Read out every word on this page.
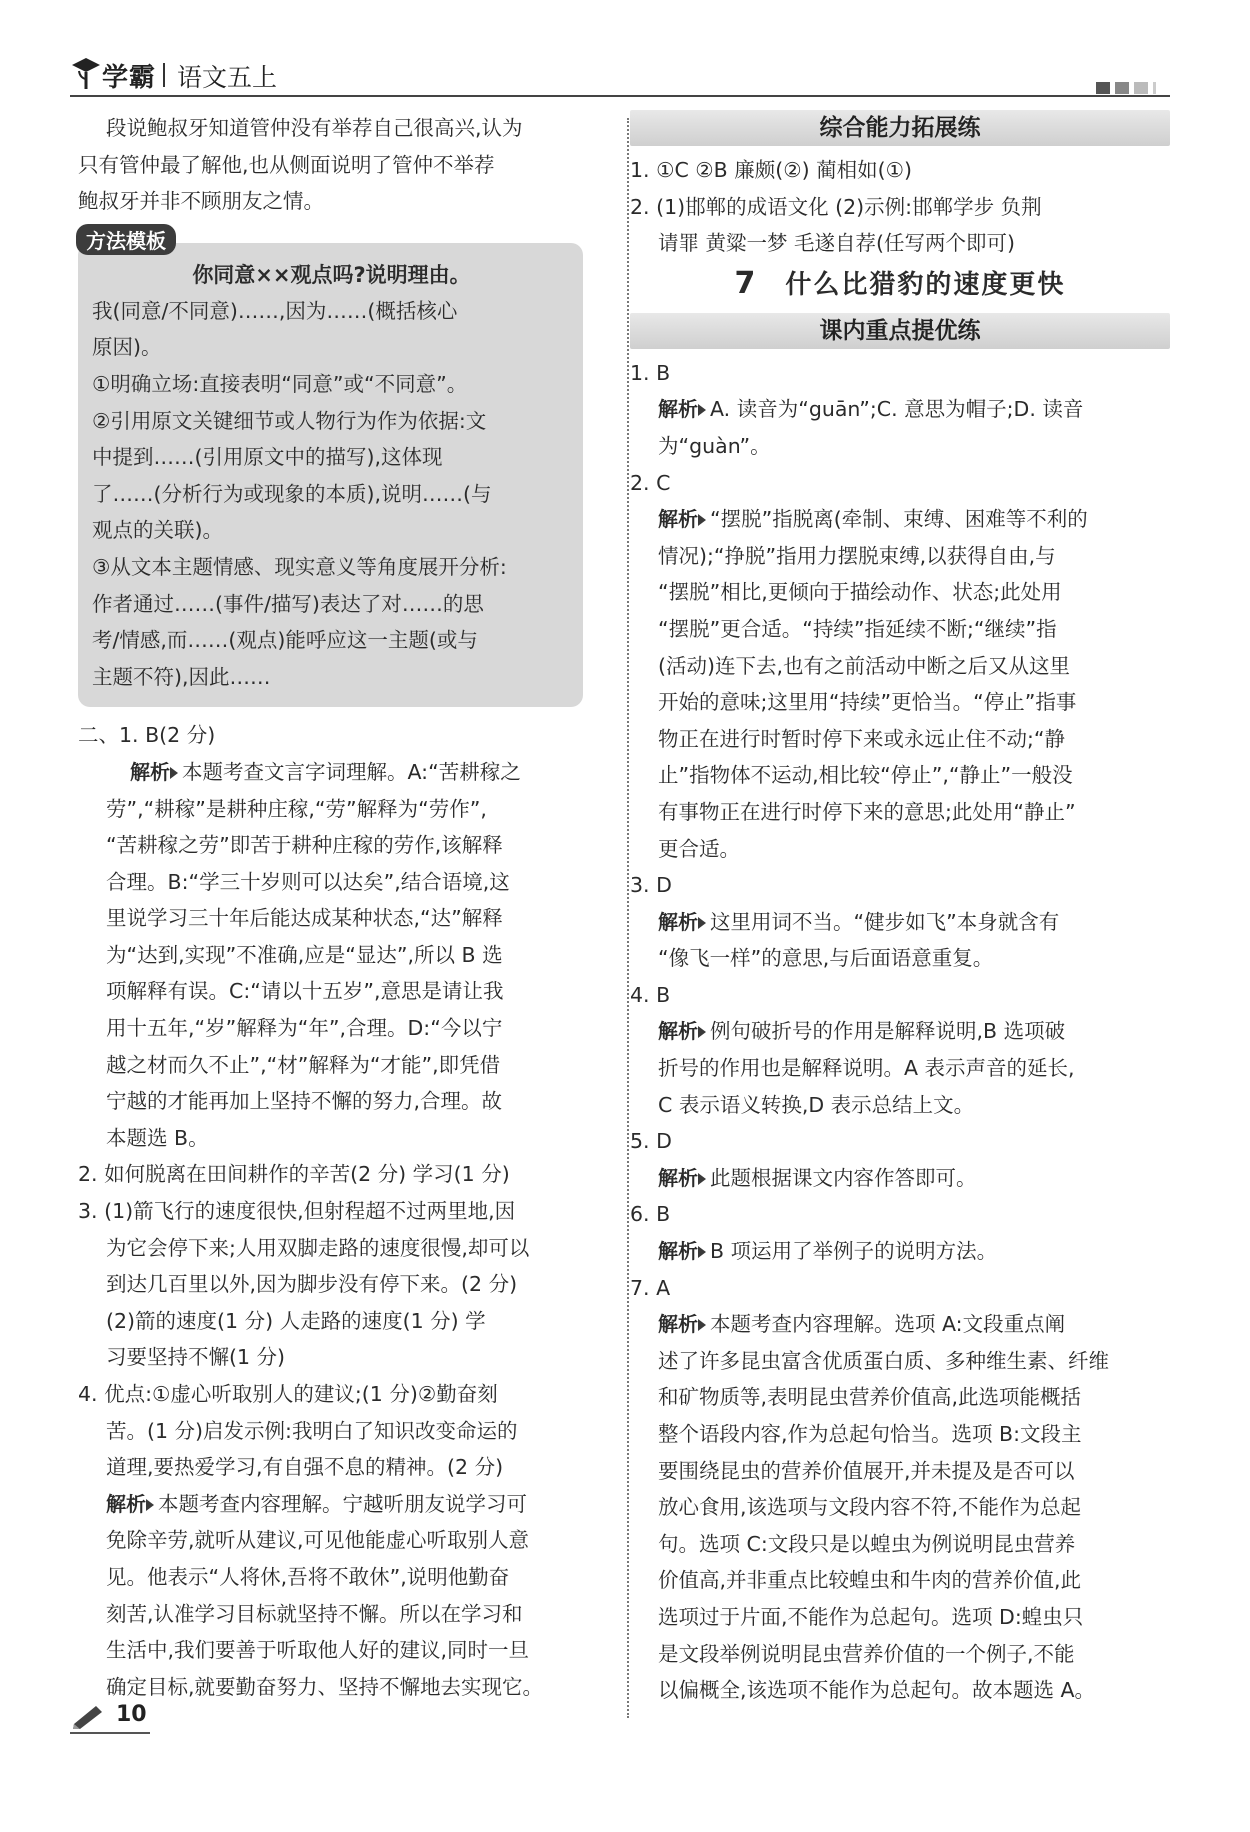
学霸 语文五上

段说鲍叔牙知道管仲没有举荐自己很高兴,认为

只有管仲最了解他,也从侧面说明了管仲不举荐

鲍叔牙并非不顾朋友之情。

方法模板
你同意××观点吗?说明理由。

我(同意/不同意)……,因为……(概括核心

原因)。

①明确立场:直接表明“同意”或“不同意”。

②引用原文关键细节或人物行为作为依据:文

中提到……(引用原文中的描写),这体现

了……(分析行为或现象的本质),说明……(与

观点的关联)。

③从文本主题情感、现实意义等角度展开分析:

作者通过……(事件/描写)表达了对……的思

考/情感,而……(观点)能呼应这一主题(或与

主题不符),因此……

二、1. B(2 分)

解析 本题考查文言字词理解。A:“苦耕稼之

劳”,“耕稼”是耕种庄稼,“劳”解释为“劳作”,

“苦耕稼之劳”即苦于耕种庄稼的劳作,该解释

合理。B:“学三十岁则可以达矣”,结合语境,这

里说学习三十年后能达成某种状态,“达”解释

为“达到,实现”不准确,应是“显达”,所以 B 选

项解释有误。C:“请以十五岁”,意思是请让我

用十五年,“岁”解释为“年”,合理。D:“今以宁

越之材而久不止”,“材”解释为“才能”,即凭借

宁越的才能再加上坚持不懈的努力,合理。故

本题选 B。

2. 如何脱离在田间耕作的辛苦(2 分) 学习(1 分)

3. (1)箭飞行的速度很快,但射程超不过两里地,因

为它会停下来;人用双脚走路的速度很慢,却可以

到达几百里以外,因为脚步没有停下来。(2 分)

(2)箭的速度(1 分) 人走路的速度(1 分) 学

习要坚持不懈(1 分)

4. 优点:①虚心听取别人的建议;(1 分)②勤奋刻

苦。(1 分)启发示例:我明白了知识改变命运的

道理,要热爱学习,有自强不息的精神。(2 分)

解析 本题考查内容理解。宁越听朋友说学习可

免除辛劳,就听从建议,可见他能虚心听取别人意

见。他表示“人将休,吾将不敢休”,说明他勤奋

刻苦,认准学习目标就坚持不懈。所以在学习和

生活中,我们要善于听取他人好的建议,同时一旦

确定目标,就要勤奋努力、坚持不懈地去实现它。

综合能力拓展练

1. ①C ②B 廉颇(②) 蔺相如(①)

2. (1)邯郸的成语文化 (2)示例:邯郸学步 负荆

请罪 黄粱一梦 毛遂自荐(任写两个即可)

7 什么比猎豹的速度更快
课内重点提优练

1. B

解析 A. 读音为“guān”;C. 意思为帽子;D. 读音

为“guàn”。

2. C

解析 “摆脱”指脱离(牵制、束缚、困难等不利的

情况);“挣脱”指用力摆脱束缚,以获得自由,与

“摆脱”相比,更倾向于描绘动作、状态;此处用

“摆脱”更合适。“持续”指延续不断;“继续”指

(活动)连下去,也有之前活动中断之后又从这里

开始的意味;这里用“持续”更恰当。“停止”指事

物正在进行时暂时停下来或永远止住不动;“静

止”指物体不运动,相比较“停止”,“静止”一般没

有事物正在进行时停下来的意思;此处用“静止”

更合适。

3. D

解析 这里用词不当。“健步如飞”本身就含有

“像飞一样”的意思,与后面语意重复。

4. B

解析 例句破折号的作用是解释说明,B 选项破

折号的作用也是解释说明。A 表示声音的延长,

C 表示语义转换,D 表示总结上文。

5. D

解析 此题根据课文内容作答即可。

6. B

解析 B 项运用了举例子的说明方法。

7. A

解析 本题考查内容理解。选项 A:文段重点阐

述了许多昆虫富含优质蛋白质、多种维生素、纤维

和矿物质等,表明昆虫营养价值高,此选项能概括

整个语段内容,作为总起句恰当。选项 B:文段主

要围绕昆虫的营养价值展开,并未提及是否可以

放心食用,该选项与文段内容不符,不能作为总起

句。选项 C:文段只是以蝗虫为例说明昆虫营养

价值高,并非重点比较蝗虫和牛肉的营养价值,此

选项过于片面,不能作为总起句。选项 D:蝗虫只

是文段举例说明昆虫营养价值的一个例子,不能

以偏概全,该选项不能作为总起句。故本题选 A。

10
